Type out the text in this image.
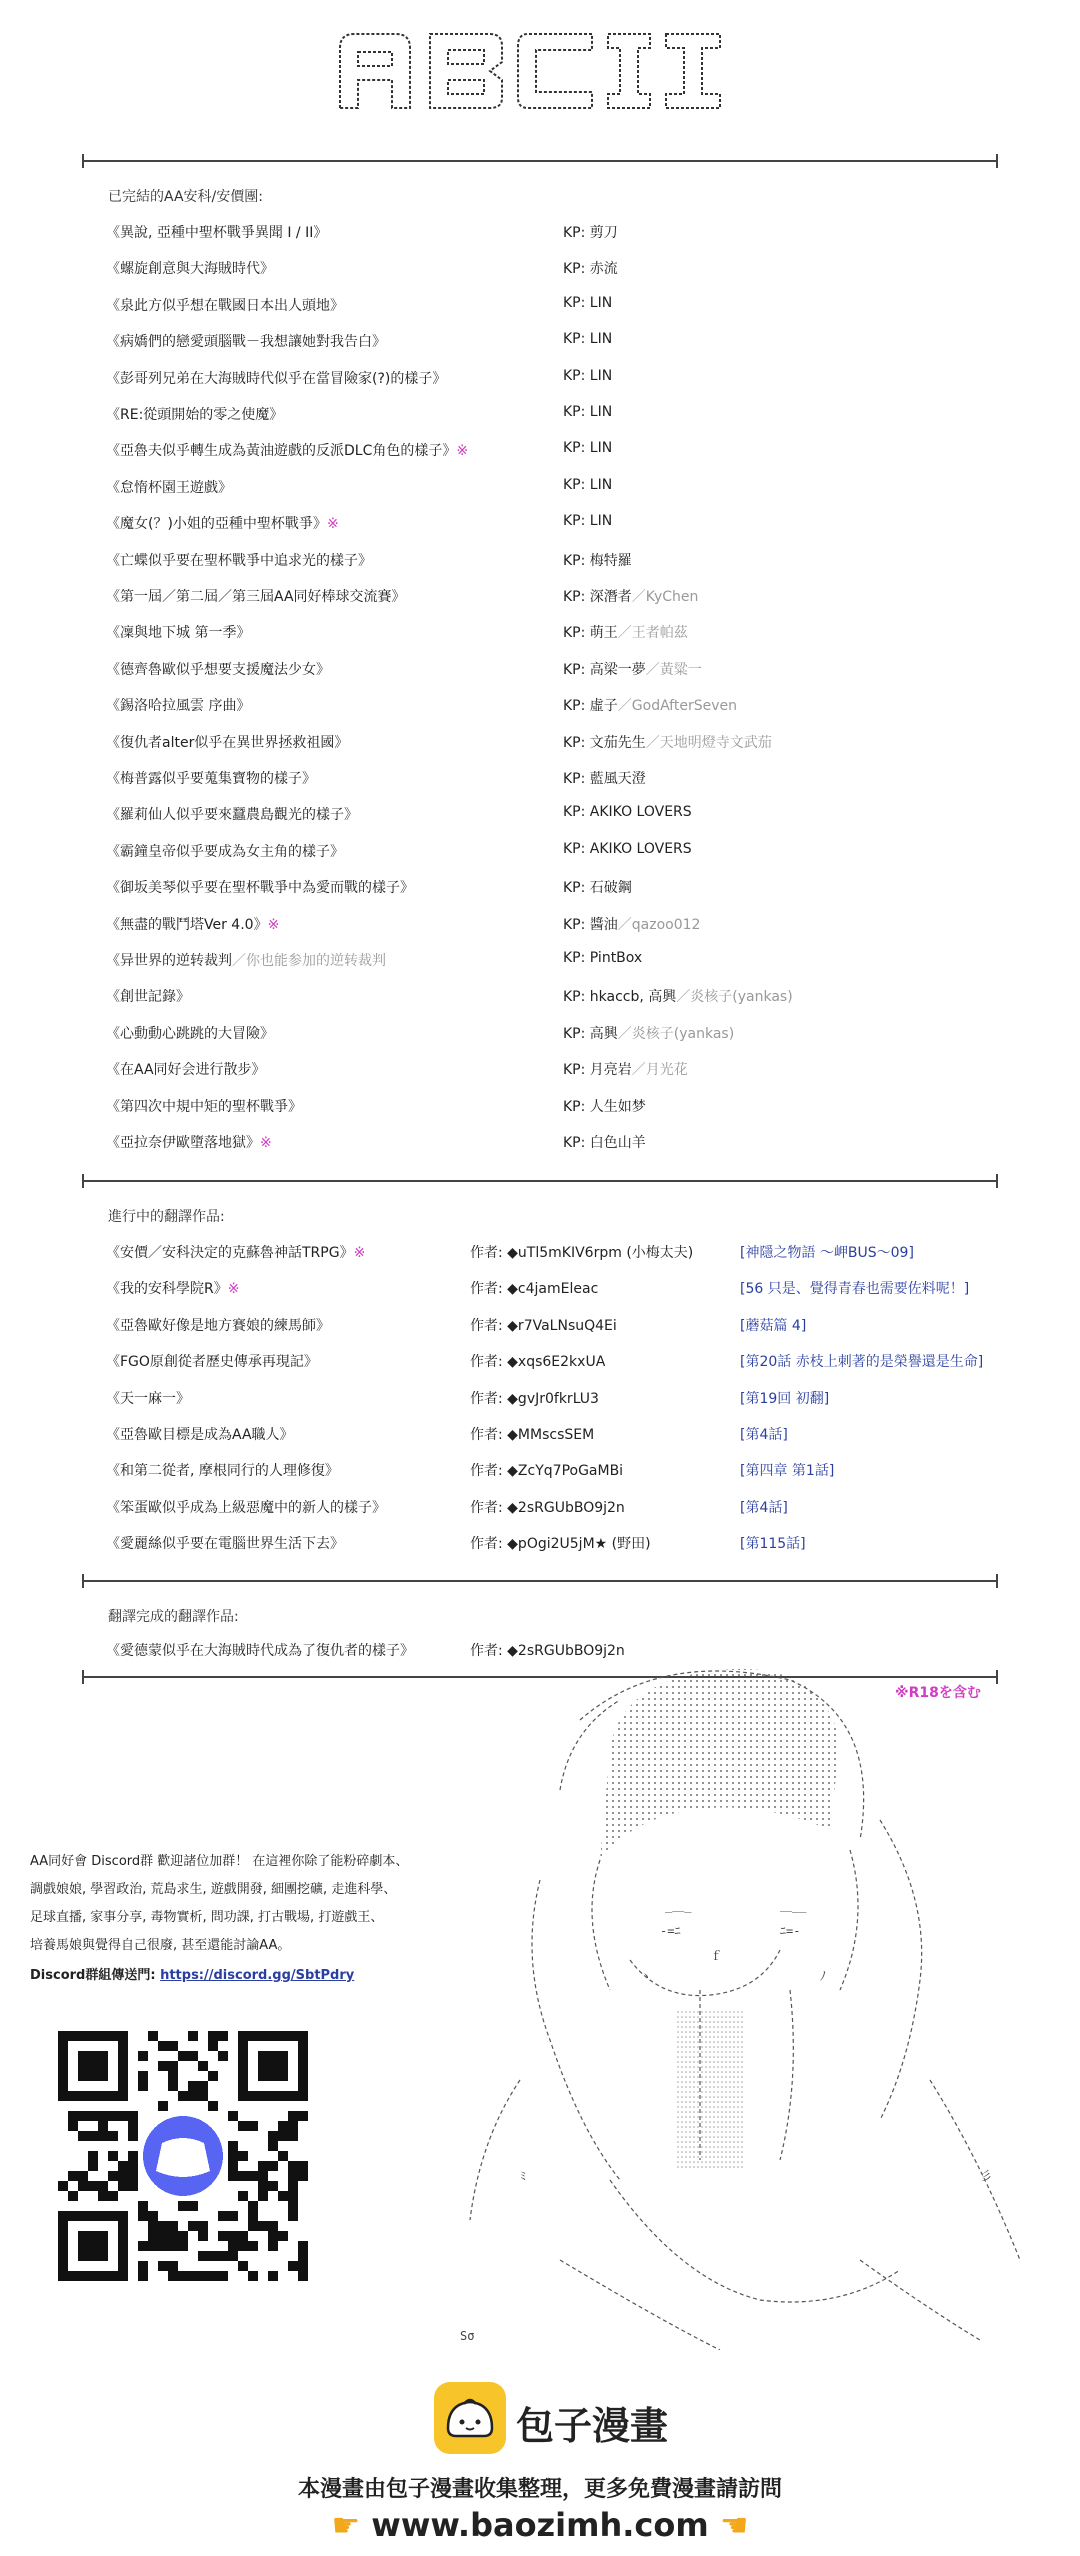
已完結的AA安科/安價團:
《異說, 亞種中聖杯戰爭異聞 I / II》	KP: 剪刀
《螺旋創意與大海賊時代》	KP: 赤流
《泉此方似乎想在戰國日本出人頭地》	KP: LIN
《病嬌們的戀愛頭腦戰－我想讓她對我告白》	KP: LIN
《彭哥列兄弟在大海賊時代似乎在當冒險家(?)的樣子》	KP: LIN
《RE:從頭開始的零之使魔》	KP: LIN
《亞魯夫似乎轉生成為黃油遊戲的反派DLC角色的樣子》※	KP: LIN
《怠惰杯園王遊戲》	KP: LIN
《魔女(？)小姐的亞種中聖杯戰爭》※	KP: LIN
《亡蝶似乎要在聖杯戰爭中追求光的樣子》	KP: 梅特羅
《第一屆／第二屆／第三屆AA同好棒球交流賽》	KP: 深潛者／KyChen
《凜與地下城 第一季》	KP: 萌王／王者帕茲
《德齊魯歐似乎想要支援魔法少女》	KP: 高梁一夢／黃粱一
《錫洛哈拉風雲 序曲》	KP: 虛子／GodAfterSeven
《復仇者alter似乎在異世界拯救祖國》	KP: 文茄先生／天地明燈寺文武茄
《梅普露似乎要蒐集寶物的樣子》	KP: 藍風天澄
《羅莉仙人似乎要來蠶農島觀光的樣子》	KP: AKIKO LOVERS
《霸鐘皇帝似乎要成為女主角的樣子》	KP: AKIKO LOVERS
《御坂美琴似乎要在聖杯戰爭中為愛而戰的樣子》	KP: 石破鋼
《無盡的戰鬥塔Ver 4.0》※	KP: 醬油／qazoo012
《异世界的逆转裁判／你也能参加的逆转裁判	KP: PintBox
《創世記錄》	KP: hkaccb, 高興／炎核子(yankas)
《心動動心跳跳的大冒險》	KP: 高興／炎核子(yankas)
《在AA同好会进行散步》	KP: 月亮岩／月光花
《第四次中規中矩的聖杯戰爭》	KP: 人生如梦
《亞拉奈伊歐墮落地獄》※	KP: 白色山羊
進行中的翻譯作品:
《安價／安科決定的克蘇魯神話TRPG》※	作者: ◆uTl5mKIV6rpm (小梅太夫)	[神隱之物語 ～岬BUS～09]
《我的安科學院R》※	作者: ◆c4jamEleac	[56 只是、覺得青春也需要佐料呢！]
《亞魯歐好像是地方賽娘的練馬師》	作者: ◆r7VaLNsuQ4Ei	[蘑菇篇 4]
《FGO原創從者歷史傳承再現記》	作者: ◆xqs6E2kxUA	[第20話 赤枝上刺著的是榮譽還是生命]
《天一麻一》	作者: ◆gvJr0fkrLU3	[第19回 初翻]
《亞魯歐目標是成為AA職人》	作者: ◆MMscsSEM	[第4話]
《和第二從者, 摩根同行的人理修復》	作者: ◆ZcYq7PoGaMBi	[第四章 第1話]
《笨蛋歐似乎成為上級惡魔中的新人的樣子》	作者: ◆2sRGUbBO9j2n	[第4話]
《愛麗絲似乎要在電腦世界生活下去》	作者: ◆pOgi2U5jM★ (野田)	[第115話]
翻譯完成的翻譯作品:
《愛德蒙似乎在大海賊時代成為了復仇者的樣子》	作者: ◆2sRGUbBO9j2n
※R18を含む
AA同好會 Discord群 歡迎諸位加群！ 在這裡你除了能粉碎劇本、
調戲娘娘, 學習政治, 荒島求生, 遊戲開發, 細團挖礦, 走進科學、
足球直播, 家事分享, 毒物實析, 問功課, 打古戰場, 打遊戲王、
培養馬娘與覺得自己很廢, 甚至還能討論AA。
Discord群組傳送門: https://discord.gg/SbtPdry
_＿_	＿__
-=ﾆ	ﾆ=-
ｆ
ヽ	ﾉ
ﾐ	彡
Sσ
包子漫畫
本漫畫由包子漫畫收集整理，更多免費漫畫請訪問
☛ www.baozimh.com ☚
